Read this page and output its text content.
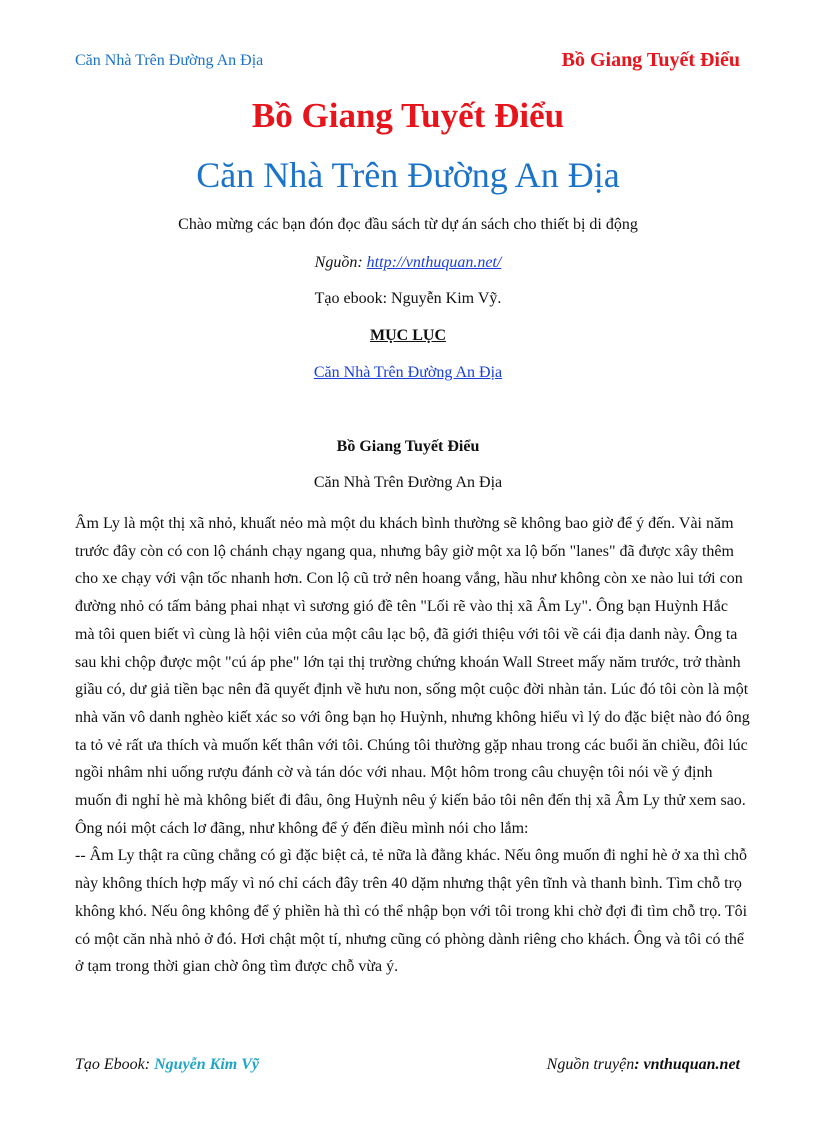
Căn Nhà Trên Đường An Địa	Bồ Giang Tuyết Điểu
Bồ Giang Tuyết Điểu
Căn Nhà Trên Đường An Địa
Chào mừng các bạn đón đọc đầu sách từ dự án sách cho thiết bị di động
Nguồn: http://vnthuquan.net/
Tạo ebook: Nguyễn Kim Vỹ.
MỤC LỤC
Căn Nhà Trên Đường An Địa
Bồ Giang Tuyết Điểu
Căn Nhà Trên Đường An Địa

Âm Ly là một thị xã nhỏ, khuất nẻo mà một du khách bình thường sẽ không bao giờ để ý đến. Vài năm trước đây còn có con lộ chánh chạy ngang qua, nhưng bây giờ một xa lộ bốn "lanes" đã được xây thêm cho xe chạy với vận tốc nhanh hơn. Con lộ cũ trở nên hoang vắng, hầu như không còn xe nào lui tới con đường nhỏ có tấm bảng phai nhạt vì sương gió đề tên "Lối rẽ vào thị xã Âm Ly". Ông bạn Huỳnh Hắc mà tôi quen biết vì cùng là hội viên của một câu lạc bộ, đã giới thiệu với tôi về cái địa danh này. Ông ta sau khi chộp được một "cú áp phe" lớn tại thị trường chứng khoán Wall Street mấy năm trước, trở thành giầu có, dư giả tiền bạc nên đã quyết định về hưu non, sống một cuộc đời nhàn tản. Lúc đó tôi còn là một nhà văn vô danh nghèo kiết xác so với ông bạn họ Huỳnh, nhưng không hiểu vì lý do đặc biệt nào đó ông ta tỏ vẻ rất ưa thích và muốn kết thân với tôi. Chúng tôi thường gặp nhau trong các buổi ăn chiều, đôi lúc ngồi nhâm nhi uống rượu đánh cờ và tán dóc với nhau. Một hôm trong câu chuyện tôi nói về ý định muốn đi nghỉ hè mà không biết đi đâu, ông Huỳnh nêu ý kiến bảo tôi nên đến thị xã Âm Ly thử xem sao. Ông nói một cách lơ đãng, như không để ý đến điều mình nói cho lắm:

-- Âm Ly thật ra cũng chẳng có gì đặc biệt cả, tẻ nữa là đằng khác. Nếu ông muốn đi nghỉ hè ở xa thì chỗ này không thích hợp mấy vì nó chỉ cách đây trên 40 dặm nhưng thật yên tĩnh và thanh bình. Tìm chỗ trọ không khó. Nếu ông không để ý phiền hà thì có thể nhập bọn với tôi trong khi chờ đợi đi tìm chỗ trọ. Tôi có một căn nhà nhỏ ở đó. Hơi chật một tí, nhưng cũng có phòng dành riêng cho khách. Ông và tôi có thể ở tạm trong thời gian chờ ông tìm được chỗ vừa ý.

Tạo Ebook: Nguyễn Kim Vỹ	Nguồn truyện: vnthuquan.net
